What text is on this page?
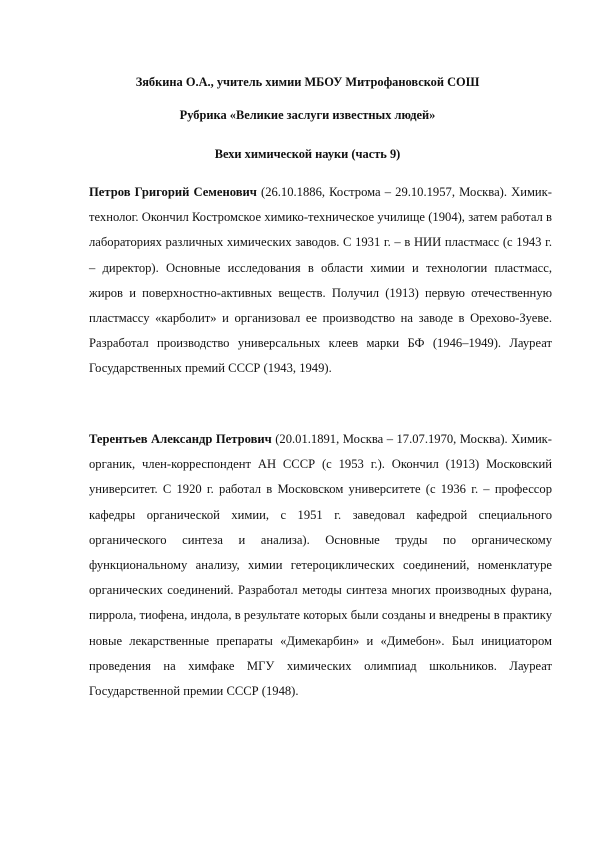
Зябкина О.А., учитель химии МБОУ Митрофановской СОШ
Рубрика «Великие заслуги известных людей»
Вехи химической науки (часть 9)

Петров Григорий Семенович (26.10.1886, Кострома – 29.10.1957, Москва). Химик-технолог. Окончил Костромское химико-техническое училище (1904), затем работал в лабораториях различных химических заводов. С 1931 г. – в НИИ пластмасс (с 1943 г. – директор). Основные исследования в области химии и технологии пластмасс, жиров и поверхностно-активных веществ. Получил (1913) первую отечественную пластмассу «карболит» и организовал ее производство на заводе в Орехово-Зуеве. Разработал производство универсальных клеев марки БФ (1946–1949). Лауреат Государственных премий СССР (1943, 1949).

Терентьев Александр Петрович (20.01.1891, Москва – 17.07.1970, Москва). Химик-органик, член-корреспондент АН СССР (с 1953 г.). Окончил (1913) Московский университет. С 1920 г. работал в Московском университете (с 1936 г. – профессор кафедры органической химии, с 1951 г. заведовал кафедрой специального органического синтеза и анализа). Основные труды по органическому функциональному анализу, химии гетероциклических соединений, номенклатуре органических соединений. Разработал методы синтеза многих производных фурана, пиррола, тиофена, индола, в результате которых были созданы и внедрены в практику новые лекарственные препараты «Димекарбин» и «Димебон». Был инициатором проведения на химфаке МГУ химических олимпиад школьников. Лауреат Государственной премии СССР (1948).
